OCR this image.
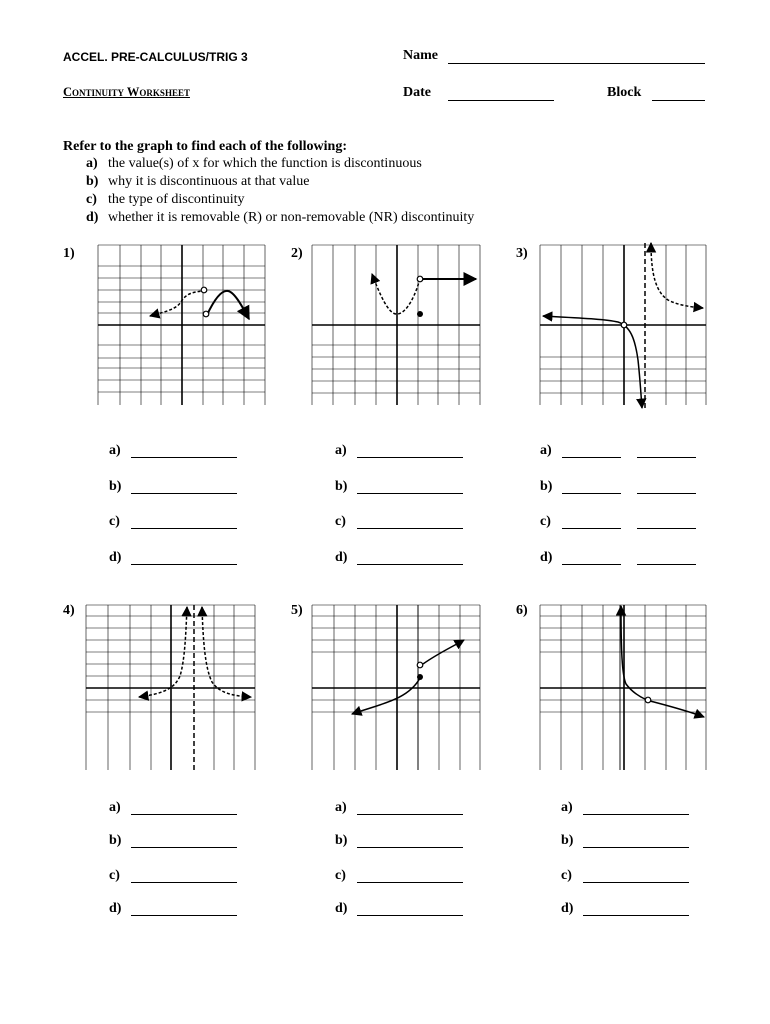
ACCEL. PRE-CALCULUS/TRIG 3
Continuity Worksheet
Name
Date	Block
Refer to the graph to find each of the following:
a) the value(s) of x for which the function is discontinuous
b) why it is discontinuous at that value
c) the type of discontinuity
d) whether it is removable (R) or non-removable (NR) discontinuity
1)	2)	3)
4)	5)	6)
a)
b)
c)
d)
a)
b)
c)
d)
a)
b)
c)
d)
a)
b)
c)
d)
a)
b)
c)
d)
a)
b)
c)
d)
